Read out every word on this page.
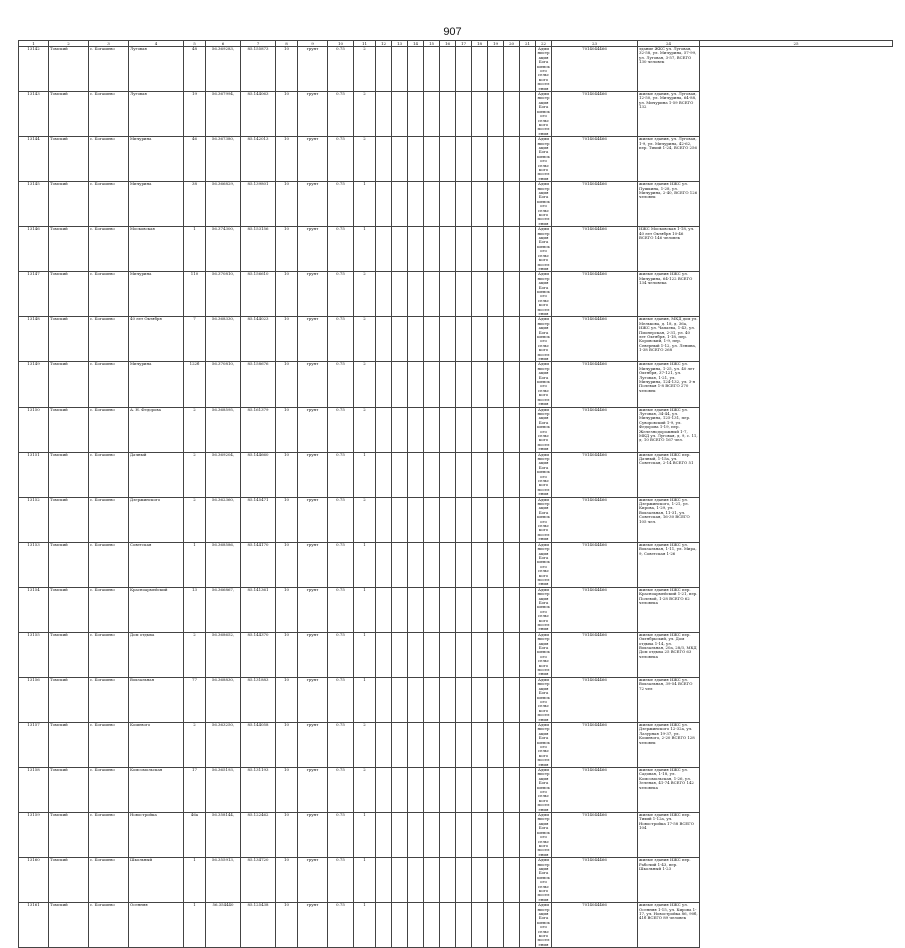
907
1	2	3	4	5	6	7	8	9	10	11	12	13	14	15	16	17	18	19	20	21	22	23	24	25
13142	Томский	с. Богашево	Луговая	48	56.369283,	85.155873	10	грунт	0.75	2											Администрация Богашевского сельского поселения	7014044466	здание ЖКС ул. Луговая, 32-58, ул. Мичурина, 57-99, ул. Луговая, 3-57, ВСЕГО 130 человек	
13143	Томский	с. Богашево	Луговая	19	56.367994,	85.144063	10	грунт	0.75	2											Администрация Богашевского сельского поселения	7014044466	жилые здания, ул. Луговая, 12-50, ул. Мичурина, 64-88, ул. Мичурина 1-59 ВСЕГО 132	
13144	Томский	с. Богашево	Мичурина	46	56.367380,	85.142013	10	грунт	0.75	2											Администрация Богашевского сельского поселения	7014044466	жилые здания, ул. Луговая, 1-9, ул. Мичурина, 42-62, пер. Тихий 1-24, ВСЕГО 256	
13145	Томский	с. Богашево	Мичурина	38	56.366829,	85.139801	10	грунт	0.75	1											Администрация Богашевского сельского поселения	7014044466	жилые здания ИЖС ул. Пушкина, 1-28, ул. Мичурина, 2-40, ВСЕГО 126 человек	
13146	Томский	с. Богашево	Московская	1	56.374300,	85.153156	10	грунт	0.75	1											Администрация Богашевского сельского поселения	7014044466	ИЖС Московская 1-18, ул. 40 лет Октября 10-46 ВСЕГО 146 человек	
13147	Томский	с. Богашево	Мичурина	110	56.370810,	85.156610	10	грунт	0.75	2											Администрация Богашевского сельского поселения	7014044466	жилые здания ИЖС ул. Мичурина, 64-122 ВСЕГО 134 человека	
13148	Томский	с. Богашево	40 лет Октября	7	56.368330,	85.144023	10	грунт	0.75	2											Администрация Богашевского сельского поселения	7014044466	жилые здания, МКД дом ул. Мелькова, д. 18, д. 36а, ИЖС ул. Чапаева, 1-43, ул. Пионерская, 2-31, ул. 40 лет Октября, 1-18, пер. Коровский, 1-9, пер. Северный 1-12, ул. Ленина, 1-38 ВСЕГО 268	
13149	Томский	с. Богашево	Мичурина	122б	56.370810,	85.158676	10	грунт	0.75	2											Администрация Богашевского сельского поселения	7014044466	жилые здания ИЖС ул. Мичурина, 1-25, ул. 40 лет Октября, 37-121, ул. Луговая, 1-21, ул. Мичурина, 124-132, ул. 3-я Полевая 1-8 ВСЕГО 270 человек	
13150	Томский	с. Богашево	А. Н. Федорова	2	56.368595,	85.161379	10	грунт	0.75	2											Администрация Богашевского сельского поселения	7014044466	жилые здания ИЖС ул. Луговая, 34-44, ул. Мичурина, 125-131, пер. Суворовский 1-9, ул. Федорова 1-19, пер. Железнодорожный 1-7, МКД ул. Луговая, д. 9, с. 11, д. 10 ВСЕГО 167 чел.	
13151	Томский	с. Богашево	Дачный	2	56.369204,	85.144660	10	грунт	0.75	1											Администрация Богашевского сельского поселения	7014044466	жилые здания ИЖС пер. Дачный, 1-15а, ул. Советская, 2-14 ВСЕГО 51	
13152	Томский	с. Богашево	Дзержинского	2	56.362360,	85.145471	10	грунт	0.75	2											Администрация Богашевского сельского поселения	7014044466	жилые здания ИЖС ул. Дзержинского, 1-21, ул. Кирова, 1-29, ул. Вокзальная, 11-31, ул. Советская, 16-30 ВСЕГО 105 чел.	
13153	Томский	с. Богашево	Советская	1	56.368586,	85.144170	10	грунт	0.75	1											Администрация Богашевского сельского поселения	7014044466	жилые здания ИЖС ул. Вокзальная, 1-11, ул. Мира, 9, Советская 1-26	
13154	Томский	с. Богашево	Красноармейский	13	56.366867,	85.141361	10	грунт	0.75	1											Администрация Богашевского сельского поселения	7014044466	жилые здания ИЖС пер. Красноармейский 1-21, пер. Полевой, 1-28 ВСЕГО 62 человека	
13155	Томский	с. Богашево	Дом отдыха	2	56.368652,	85.144370	10	грунт	0.75	1											Администрация Богашевского сельского поселения	7014044466	жилые здания ИЖС пер. Октябрьский, ул. Дом отдыха 1-14, ул. Вокзальная, 20а, 28/3, МКД Дом отдыха 25 ВСЕГО 63 человека	
13156	Томский	с. Богашево	Вокзальная	77	56.368830,	85.131883	10	грунт	0.75	1											Администрация Богашевского сельского поселения	7014044466	жилые здания ИЖС ул. Вокзальная, 39-54 ВСЕГО 72 чел	
13157	Томский	с. Богашево	Кошевого	2	56.363250,	85.144058	10	грунт	0.75	2											Администрация Богашевского сельского поселения	7014044466	жилые здания ИЖС ул. Дзержинского 12-32а, ул. Лазурная 19-37, ул. Кошевого, 2-20 ВСЕГО 128 человек	
13158	Томский	с. Богашево	Комсомольская	17	56.365193,	85.131193	10	грунт	0.75	2											Администрация Богашевского сельского поселения	7014044466	жилые здания ИЖС ул. Садовая, 1-18, ул. Комсомольская, 1-26, ул. Зеленая, 41-74 ВСЕГО 142 человека	
13159	Томский	с. Богашево	Новостройка	46а	56.358144,	85.122462	10	грунт	0.75	1											Администрация Богашевского сельского поселения	7014044466	жилые здания ИЖС пер. Тихий 1-12а, ул. Новостройка 17-58 ВСЕГО 104	
13160	Томский	с. Богашево	Школьный	1	56.355913,	85.134720	10	грунт	0.75	1											Администрация Богашевского сельского поселения	7014044466	жилые здания ИЖС пер. Рабочий 1-43, пер. Школьный 1-23	
13161	Томский	с. Богашево	Осенняя	1	56.354440	85.125438	10	грунт	0.75	1											Администрация Богашевского сельского поселения	7014044466	жилые здания ИЖС ул. Осенняя 1-15, ул. Кирова 1-17, ул. Новостройка 86, 90б, 41б ВСЕГО 89 человек	
